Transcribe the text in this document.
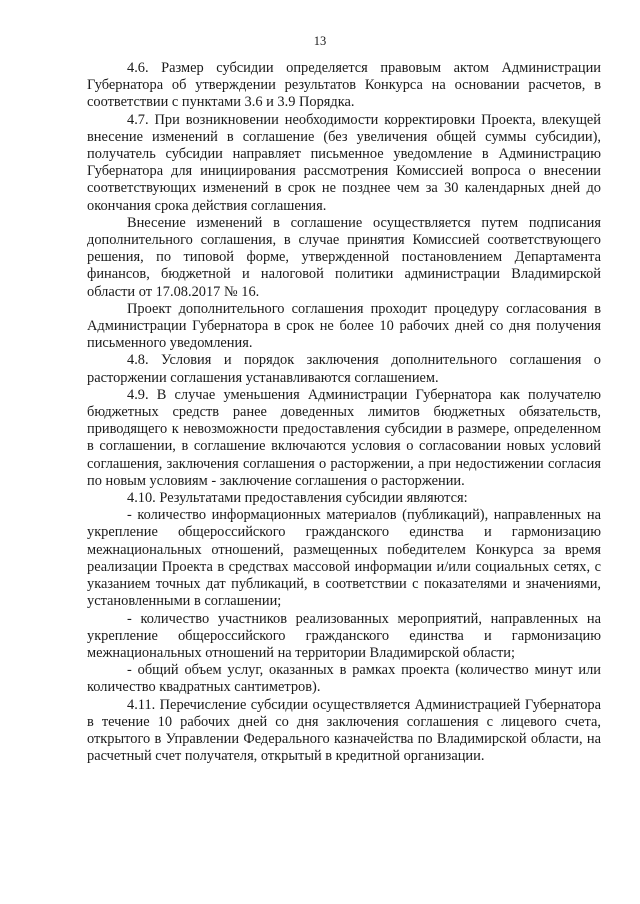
13

4.6. Размер субсидии определяется правовым актом Администрации Губернатора об утверждении результатов Конкурса на основании расчетов, в соответствии с пунктами 3.6 и 3.9 Порядка.

4.7. При возникновении необходимости корректировки Проекта, влекущей внесение изменений в соглашение (без увеличения общей суммы субсидии), получатель субсидии направляет письменное уведомление в Администрацию Губернатора для инициирования рассмотрения Комиссией вопроса о внесении соответствующих изменений в срок не позднее чем за 30 календарных дней до окончания срока действия соглашения.

Внесение изменений в соглашение осуществляется путем подписания дополнительного соглашения, в случае принятия Комиссией соответствующего решения, по типовой форме, утвержденной постановлением Департамента финансов, бюджетной и налоговой политики администрации Владимирской области от 17.08.2017 № 16.

Проект дополнительного соглашения проходит процедуру согласования в Администрации Губернатора в срок не более 10 рабочих дней со дня получения письменного уведомления.

4.8. Условия и порядок заключения дополнительного соглашения о расторжении соглашения устанавливаются соглашением.

4.9. В случае уменьшения Администрации Губернатора как получателю бюджетных средств ранее доведенных лимитов бюджетных обязательств, приводящего к невозможности предоставления субсидии в размере, определенном в соглашении, в соглашение включаются условия о согласовании новых условий соглашения, заключения соглашения о расторжении, а при недостижении согласия по новым условиям - заключение соглашения о расторжении.

4.10. Результатами предоставления субсидии являются:

- количество информационных материалов (публикаций), направленных на укрепление общероссийского гражданского единства и гармонизацию межнациональных отношений, размещенных победителем Конкурса за время реализации Проекта в средствах массовой информации и/или социальных сетях, с указанием точных дат публикаций, в соответствии с показателями и значениями, установленными в соглашении;

- количество участников реализованных мероприятий, направленных на укрепление общероссийского гражданского единства и гармонизацию межнациональных отношений на территории Владимирской области;

- общий объем услуг, оказанных в рамках проекта (количество минут или количество квадратных сантиметров).

4.11. Перечисление субсидии осуществляется Администрацией Губернатора в течение 10 рабочих дней со дня заключения соглашения с лицевого счета, открытого в Управлении Федерального казначейства по Владимирской области, на расчетный счет получателя, открытый в кредитной организации.
